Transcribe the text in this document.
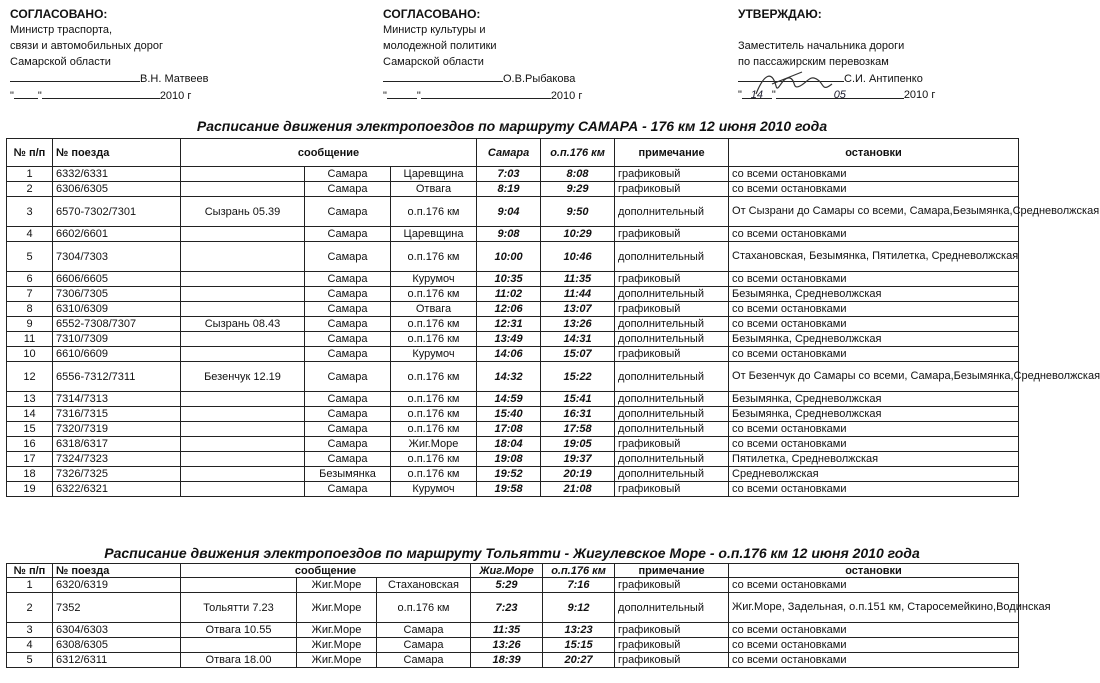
СОГЛАСОВАНО:
Министр траспорта,
связи и автомобильных дорог
Самарской области
В.Н. Матвеев
" "	2010 г
СОГЛАСОВАНО:
Министр культуры и
молодежной политики
Самарской области
О.В.Рыбакова
"	"	2010 г
УТВЕРЖДАЮ:

Заместитель начальника дороги
по пассажирским перевозкам
С.И. Антипенко
" 14 "	05	2010 г
Расписание движения электропоездов по маршруту САМАРА - 176 км 12 июня 2010 года
№ п/п	№ поезда	сообщение			Самара	о.п.176 км	примечание	остановки
1	6332/6331		Самара	Царевщина	7:03	8:08	графиковый	со всеми остановками
2	6306/6305		Самара	Отвага	8:19	9:29	графиковый	со всеми остановками
3	6570-7302/7301	Сызрань 05.39	Самара	о.п.176 км	9:04	9:50	дополнительный	От Сызрани до Самары со всеми, Самара,Безымянка,Средневолжская
4	6602/6601		Самара	Царевщина	9:08	10:29	графиковый	со всеми остановками
5	7304/7303		Самара	о.п.176 км	10:00	10:46	дополнительный	Стахановская, Безымянка, Пятилетка, Средневолжская
6	6606/6605		Самара	Курумоч	10:35	11:35	графиковый	со всеми остановками
7	7306/7305		Самара	о.п.176 км	11:02	11:44	дополнительный	Безымянка, Средневолжская
8	6310/6309		Самара	Отвага	12:06	13:07	графиковый	со всеми остановками
9	6552-7308/7307	Сызрань 08.43	Самара	о.п.176 км	12:31	13:26	дополнительный	со всеми остановками
11	7310/7309		Самара	о.п.176 км	13:49	14:31	дополнительный	Безымянка, Средневолжская
10	6610/6609		Самара	Курумоч	14:06	15:07	графиковый	со всеми остановками
12	6556-7312/7311	Безенчук 12.19	Самара	о.п.176 км	14:32	15:22	дополнительный	От Безенчук до Самары со всеми, Самара,Безымянка,Средневолжская
13	7314/7313		Самара	о.п.176 км	14:59	15:41	дополнительный	Безымянка, Средневолжская
14	7316/7315		Самара	о.п.176 км	15:40	16:31	дополнительный	Безымянка, Средневолжская
15	7320/7319		Самара	о.п.176 км	17:08	17:58	дополнительный	со всеми остановками
16	6318/6317		Самара	Жиг.Море	18:04	19:05	графиковый	со всеми остановками
17	7324/7323		Самара	о.п.176 км	19:08	19:37	дополнительный	Пятилетка, Средневолжская
18	7326/7325		Безымянка	о.п.176 км	19:52	20:19	дополнительный	Средневолжская
19	6322/6321		Самара	Курумоч	19:58	21:08	графиковый	со всеми остановками
Расписание движения электропоездов по маршруту Тольятти - Жигулевское Море - о.п.176 км 12 июня 2010 года
№ п/п	№ поезда	сообщение			Жиг.Море	о.п.176 км	примечание	остановки
1	6320/6319		Жиг.Море	Стахановская	5:29	7:16	графиковый	со всеми остановками
2	7352	Тольятти 7.23	Жиг.Море	о.п.176 км	7:23	9:12	дополнительный	Жиг.Море, Задельная, о.п.151 км, Старосемейкино,Водинская
3	6304/6303	Отвага 10.55	Жиг.Море	Самара	11:35	13:23	графиковый	со всеми остановками
4	6308/6305		Жиг.Море	Самара	13:26	15:15	графиковый	со всеми остановками
5	6312/6311	Отвага 18.00	Жиг.Море	Самара	18:39	20:27	графиковый	со всеми остановками
